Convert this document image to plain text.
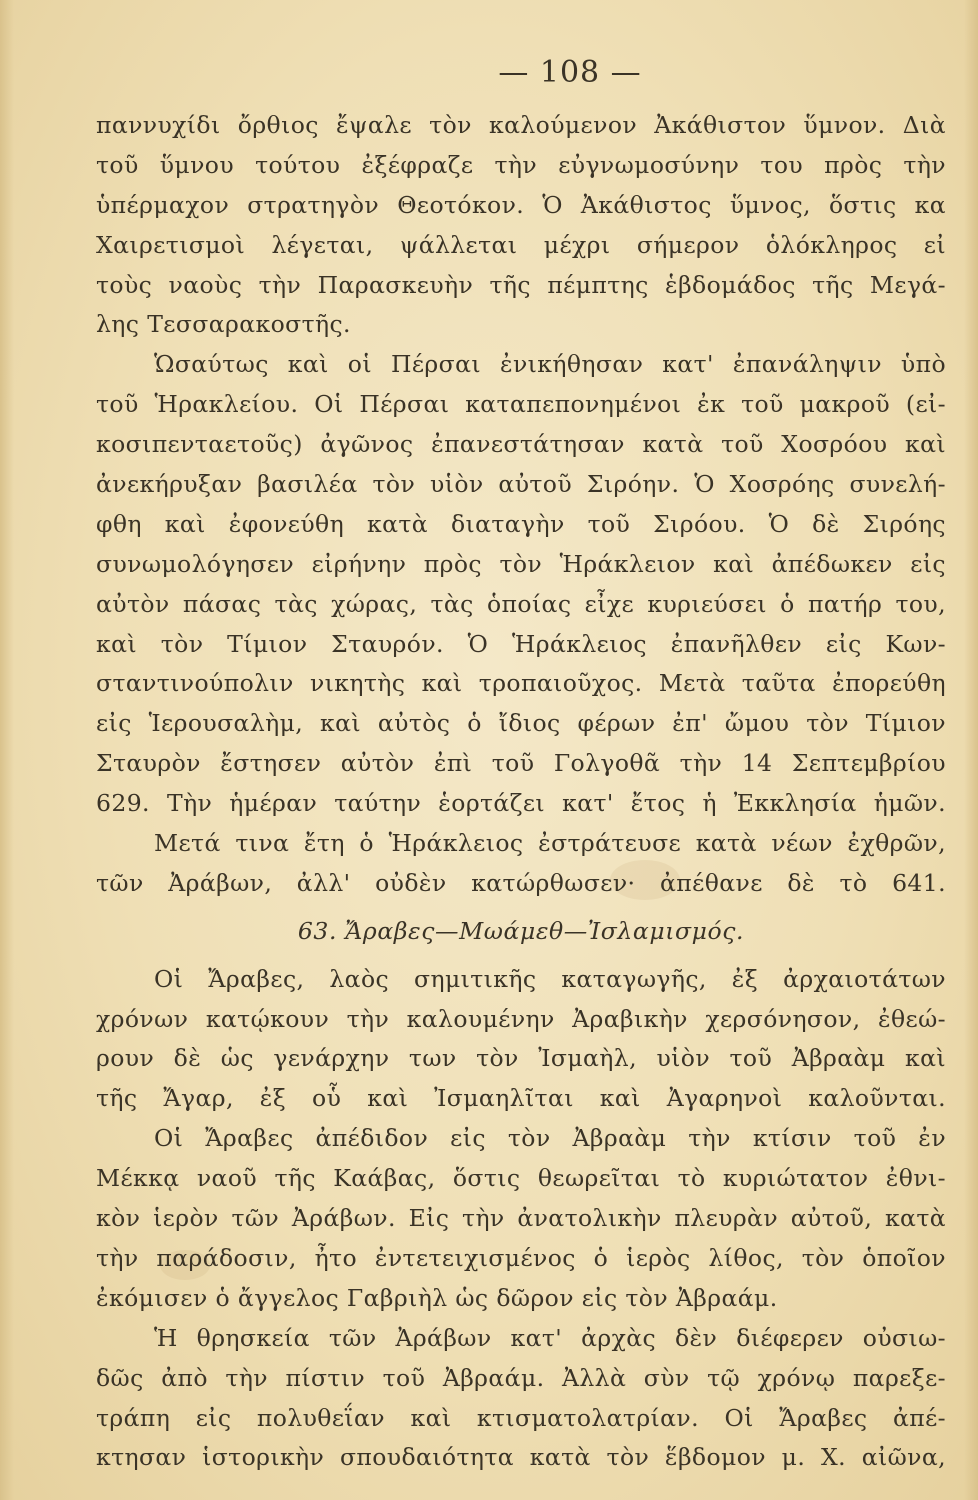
— 108 —
παννυχίδι ὄρθιος ἔψαλε τὸν καλούμενον Ἀκάθιστον ὕμνον. Διὰ
τοῦ ὕμνου τούτου ἐξέφραζε τὴν εὐγνωμοσύνην του πρὸς τὴν
ὑπέρμαχον στρατηγὸν Θεοτόκον. Ὁ Ἀκάθιστος ὕμνος, ὅστις κα
Χαιρετισμοὶ λέγεται, ψάλλεται μέχρι σήμερον ὁλόκληρος εἰ
τοὺς ναοὺς τὴν Παρασκευὴν τῆς πέμπτης ἑβδομάδος τῆς Μεγά-
λης Τεσσαρακοστῆς.
Ὡσαύτως καὶ οἱ Πέρσαι ἐνικήθησαν κατ' ἐπανάληψιν ὑπὸ
τοῦ Ἡρακλείου. Οἱ Πέρσαι καταπεπονημένοι ἐκ τοῦ μακροῦ (εἰ-
κοσιπενταετοῦς) ἀγῶνος ἐπανεστάτησαν κατὰ τοῦ Χοσρόου καὶ
ἀνεκήρυξαν βασιλέα τὸν υἱὸν αὐτοῦ Σιρόην. Ὁ Χοσρόης συνελή-
φθη καὶ ἐφονεύθη κατὰ διαταγὴν τοῦ Σιρόου. Ὁ δὲ Σιρόης
συνωμολόγησεν εἰρήνην πρὸς τὸν Ἡράκλειον καὶ ἀπέδωκεν εἰς
αὐτὸν πάσας τὰς χώρας, τὰς ὁποίας εἶχε κυριεύσει ὁ πατήρ του,
καὶ τὸν Τίμιον Σταυρόν. Ὁ Ἡράκλειος ἐπανῆλθεν εἰς Κων-
σταντινούπολιν νικητὴς καὶ τροπαιοῦχος. Μετὰ ταῦτα ἐπορεύθη
εἰς Ἱερουσαλὴμ, καὶ αὐτὸς ὁ ἴδιος φέρων ἐπ' ὤμου τὸν Τίμιον
Σταυρὸν ἔστησεν αὐτὸν ἐπὶ τοῦ Γολγοθᾶ τὴν 14 Σεπτεμβρίου
629. Τὴν ἡμέραν ταύτην ἑορτάζει κατ' ἔτος ἡ Ἐκκλησία ἡμῶν.
Μετά τινα ἔτη ὁ Ἡράκλειος ἐστράτευσε κατὰ νέων ἐχθρῶν,
τῶν Ἀράβων, ἀλλ' οὐδὲν κατώρθωσεν· ἀπέθανε δὲ τὸ 641.
63. Ἄραβες—Μωάμεθ—Ἰσλαμισμός.
Οἱ Ἄραβες, λαὸς σημιτικῆς καταγωγῆς, ἐξ ἀρχαιοτάτων
χρόνων κατῴκουν τὴν καλουμένην Ἀραβικὴν χερσόνησον, ἐθεώ-
ρουν δὲ ὡς γενάρχην των τὸν Ἰσμαὴλ, υἱὸν τοῦ Ἀβραὰμ καὶ
τῆς Ἄγαρ, ἐξ οὗ καὶ Ἰσμαηλῖται καὶ Ἀγαρηνοὶ καλοῦνται.
Οἱ Ἄραβες ἀπέδιδον εἰς τὸν Ἀβραὰμ τὴν κτίσιν τοῦ ἐν
Μέκκᾳ ναοῦ τῆς Καάβας, ὅστις θεωρεῖται τὸ κυριώτατον ἐθνι-
κὸν ἱερὸν τῶν Ἀράβων. Εἰς τὴν ἀνατολικὴν πλευρὰν αὐτοῦ, κατὰ
τὴν παράδοσιν, ἦτο ἐντετειχισμένος ὁ ἱερὸς λίθος, τὸν ὁποῖον
ἐκόμισεν ὁ ἄγγελος Γαβριὴλ ὡς δῶρον εἰς τὸν Ἀβραάμ.
Ἡ θρησκεία τῶν Ἀράβων κατ' ἀρχὰς δὲν διέφερεν οὐσιω-
δῶς ἀπὸ τὴν πίστιν τοῦ Ἀβραάμ. Ἀλλὰ σὺν τῷ χρόνῳ παρεξε-
τράπη εἰς πολυθεΐαν καὶ κτισματολατρίαν. Οἱ Ἄραβες ἀπέ-
κτησαν ἱστορικὴν σπουδαιότητα κατὰ τὸν ἕβδομον μ. Χ. αἰῶνα,
